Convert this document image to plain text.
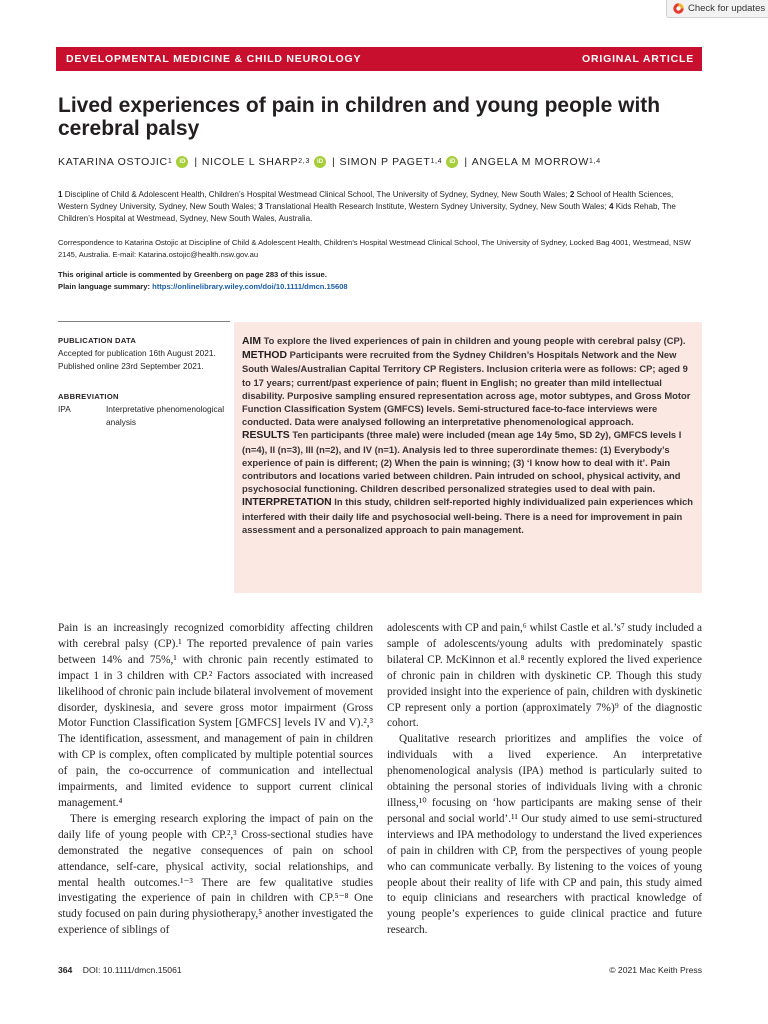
Check for updates
DEVELOPMENTAL MEDICINE & CHILD NEUROLOGY	ORIGINAL ARTICLE
Lived experiences of pain in children and young people with cerebral palsy
KATARINA OSTOJIC 1	iD | NICOLE L SHARP 2,3	iD | SIMON P PAGET 1,4	iD | ANGELA M MORROW 1,4

1 Discipline of Child & Adolescent Health, Children’s Hospital Westmead Clinical School, The University of Sydney, Sydney, New South Wales; 2 School of Health Sciences, Western Sydney University, Sydney, New South Wales; 3 Translational Health Research Institute, Western Sydney University, Sydney, New South Wales; 4 Kids Rehab, The Children’s Hospital at Westmead, Sydney, New South Wales, Australia.
Correspondence to Katarina Ostojic at Discipline of Child & Adolescent Health, Children’s Hospital Westmead Clinical School, The University of Sydney, Locked Bag 4001, Westmead, NSW 2145, Australia. E-mail: Katarina.ostojic@health.nsw.gov.au
This original article is commented by Greenberg on page 283 of this issue.
Plain language summary: https://onlinelibrary.wiley.com/doi/10.1111/dmcn.15608
PUBLICATION DATA
Accepted for publication 16th August 2021.
Published online 23rd September 2021.
ABBREVIATION
IPA	Interpretative phenomenological analysis

AIM To explore the lived experiences of pain in children and young people with cerebral palsy (CP).

METHOD Participants were recruited from the Sydney Children’s Hospitals Network and the New South Wales/Australian Capital Territory CP Registers. Inclusion criteria were as follows: CP; aged 9 to 17 years; current/past experience of pain; fluent in English; no greater than mild intellectual disability. Purposive sampling ensured representation across age, motor subtypes, and Gross Motor Function Classification System (GMFCS) levels. Semi-structured face-to-face interviews were conducted. Data were analysed following an interpretative phenomenological approach.

RESULTS Ten participants (three male) were included (mean age 14y 5mo, SD 2y), GMFCS levels I (n=4), II (n=3), III (n=2), and IV (n=1). Analysis led to three superordinate themes: (1) Everybody’s experience of pain is different; (2) When the pain is winning; (3) ‘I know how to deal with it’. Pain contributors and locations varied between children. Pain intruded on school, physical activity, and psychosocial functioning. Children described personalized strategies used to deal with pain.

INTERPRETATION In this study, children self-reported highly individualized pain experiences which interfered with their daily life and psychosocial well-being. There is a need for improvement in pain assessment and a personalized approach to pain management.

Pain is an increasingly recognized comorbidity affecting children with cerebral palsy (CP).¹ The reported prevalence of pain varies between 14% and 75%,¹ with chronic pain recently estimated to impact 1 in 3 children with CP.² Factors associated with increased likelihood of chronic pain include bilateral involvement of movement disorder, dyskinesia, and severe gross motor impairment (Gross Motor Function Classification System [GMFCS] levels IV and V).²,³ The identification, assessment, and management of pain in children with CP is complex, often complicated by multiple potential sources of pain, the co-occurrence of communication and intellectual impairments, and limited evidence to support current clinical management.⁴

There is emerging research exploring the impact of pain on the daily life of young people with CP.²,³ Cross-sectional studies have demonstrated the negative consequences of pain on school attendance, self-care, physical activity, social relationships, and mental health outcomes.¹⁻³ There are few qualitative studies investigating the experience of pain in children with CP.⁵⁻⁸ One study focused on pain during physiotherapy,⁵ another investigated the experience of siblings of

adolescents with CP and pain,⁶ whilst Castle et al.’s⁷ study included a sample of adolescents/young adults with predominately spastic bilateral CP. McKinnon et al.⁸ recently explored the lived experience of chronic pain in children with dyskinetic CP. Though this study provided insight into the experience of pain, children with dyskinetic CP represent only a portion (approximately 7%)⁹ of the diagnostic cohort.

Qualitative research prioritizes and amplifies the voice of individuals with a lived experience. An interpretative phenomenological analysis (IPA) method is particularly suited to obtaining the personal stories of individuals living with a chronic illness,¹⁰ focusing on ‘how participants are making sense of their personal and social world’.¹¹ Our study aimed to use semi-structured interviews and IPA methodology to understand the lived experiences of pain in children with CP, from the perspectives of young people who can communicate verbally. By listening to the voices of young people about their reality of life with CP and pain, this study aimed to equip clinicians and researchers with practical knowledge of young people’s experiences to guide clinical practice and future research.

364 DOI: 10.1111/dmcn.15061	© 2021 Mac Keith Press
